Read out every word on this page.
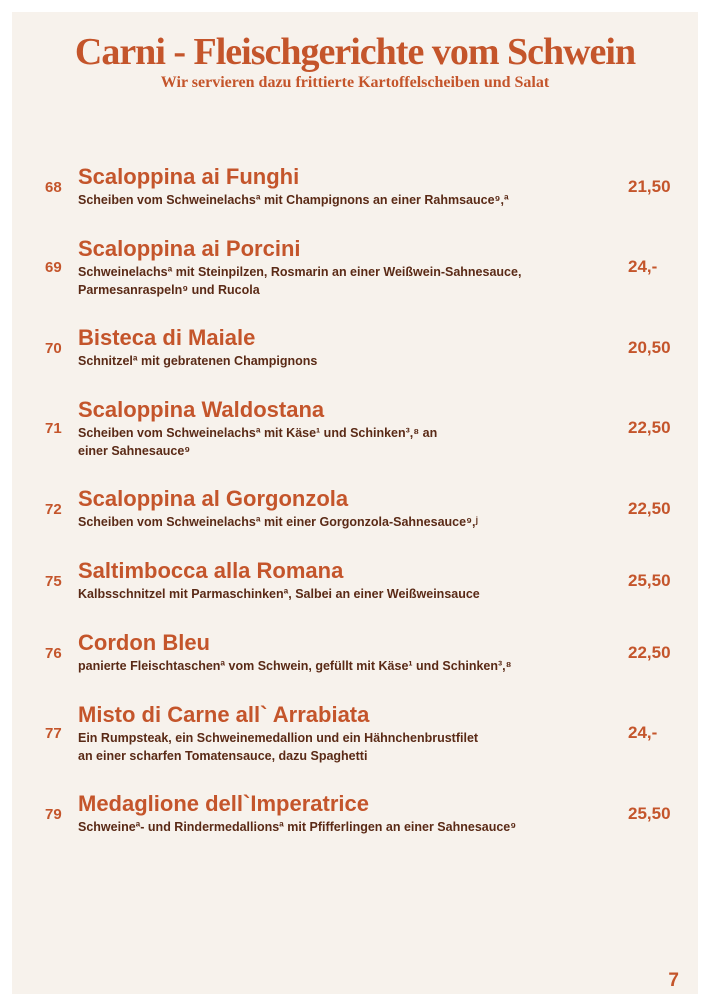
Carni - Fleischgerichte vom Schwein
Wir servieren dazu frittierte Kartoffelscheiben und Salat
68 Scaloppina ai Funghi
Scheiben vom Schweinelachsª mit Champignons an einer Rahmsauce⁹,ª
21,50
69
Scaloppina ai Porcini
Schweinelachsª mit Steinpilzen, Rosmarin an einer Weißwein-Sahnesauce,
Parmesanraspeln⁹ und Rucola
24,-
70 Bisteca di Maiale
Schnitzelª mit gebratenen Champignons
20,50
71
Scaloppina Waldostana
Scheiben vom Schweinelachsª mit Käse¹ und Schinken³,⁸ an
einer Sahnesauce⁹
22,50
72 Scaloppina al Gorgonzola
Scheiben vom Schweinelachsª mit einer Gorgonzola-Sahnesauce⁹,ʲ
22,50
75 Saltimbocca alla Romana
Kalbsschnitzel mit Parmaschinkenª, Salbei an einer Weißweinsauce
25,50
76 Cordon Bleu
panierte Fleischtaschenª vom Schwein, gefüllt mit Käse¹ und Schinken³,⁸
22,50
77
Misto di Carne all` Arrabiata
Ein Rumpsteak, ein Schweinemedallion und ein Hähnchenbrustfilet
an einer scharfen Tomatensauce, dazu Spaghetti
24,-
79 Medaglione dell`Imperatrice
Schweineª- und Rindermedallionsª mit Pfifferlingen an einer Sahnesauce⁹
25,50
7
